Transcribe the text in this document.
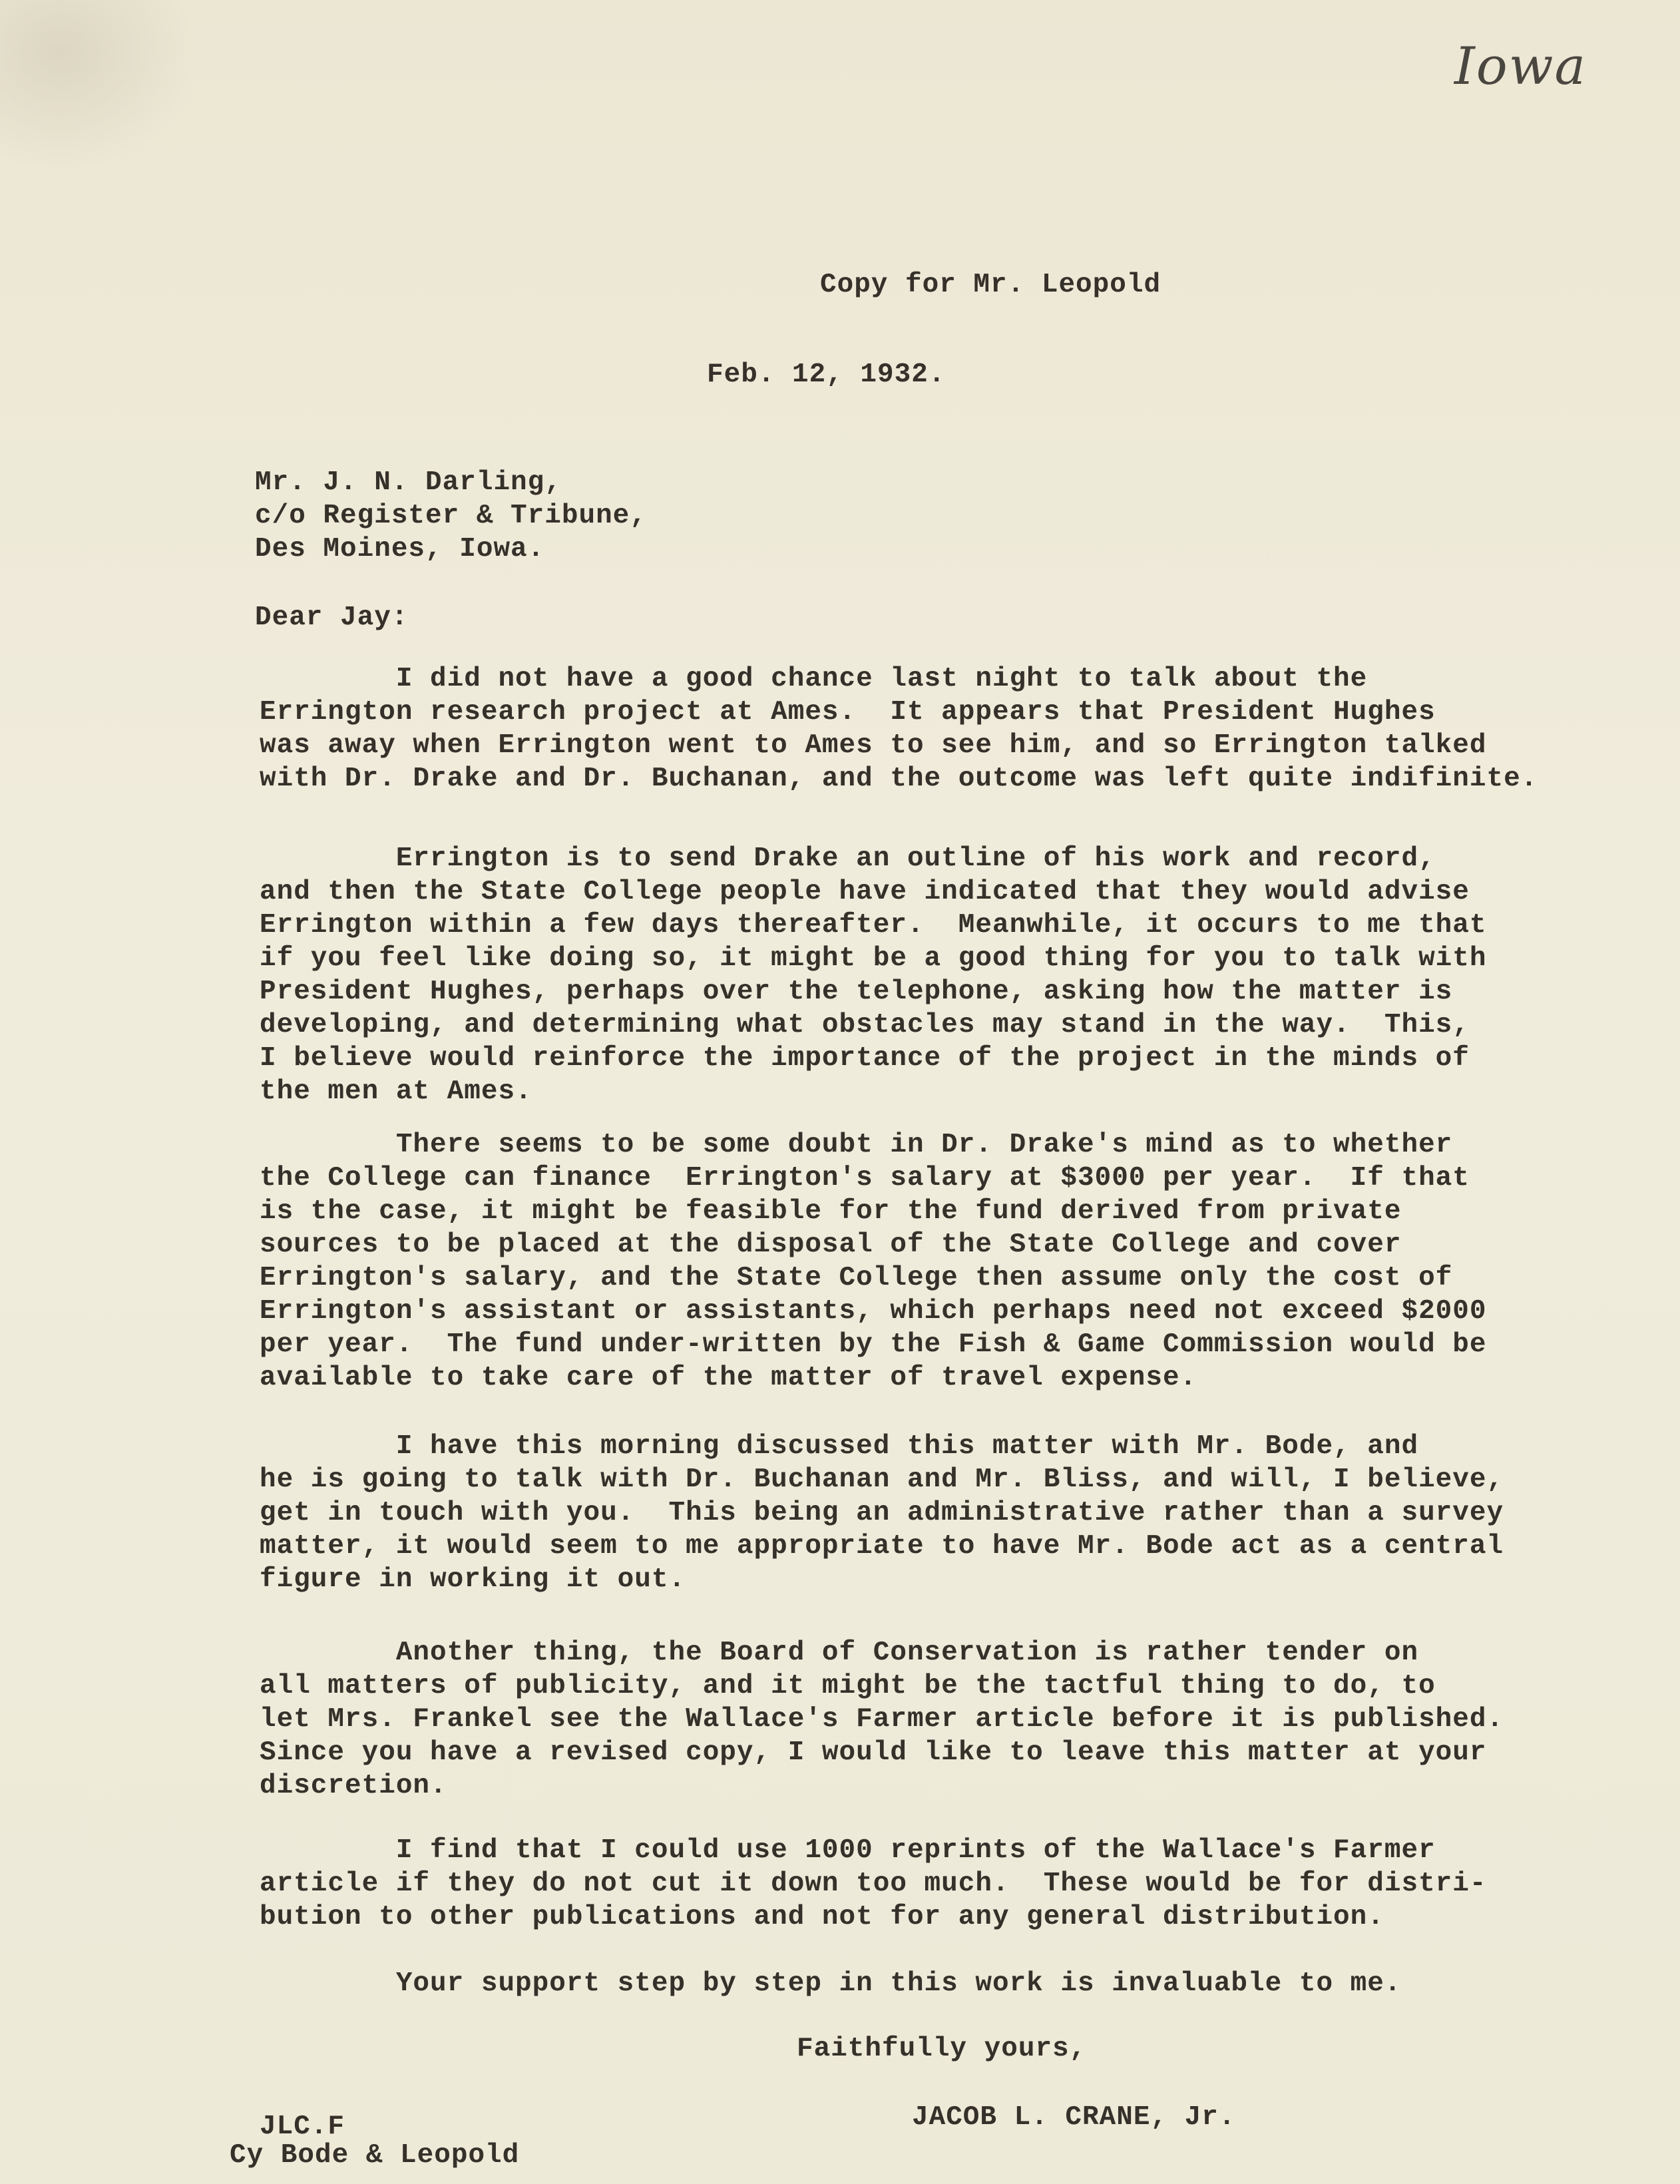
Iowa
Copy for Mr. Leopold
Feb. 12, 1932.
Mr. J. N. Darling,
c/o Register & Tribune,
Des Moines, Iowa.
Dear Jay:
I did not have a good chance last night to talk about the
Errington research project at Ames.  It appears that President Hughes
was away when Errington went to Ames to see him, and so Errington talked
with Dr. Drake and Dr. Buchanan, and the outcome was left quite indifinite.
Errington is to send Drake an outline of his work and record,
and then the State College people have indicated that they would advise
Errington within a few days thereafter.  Meanwhile, it occurs to me that
if you feel like doing so, it might be a good thing for you to talk with
President Hughes, perhaps over the telephone, asking how the matter is
developing, and determining what obstacles may stand in the way.  This,
I believe would reinforce the importance of the project in the minds of
the men at Ames.
There seems to be some doubt in Dr. Drake's mind as to whether
the College can finance  Errington's salary at $3000 per year.  If that
is the case, it might be feasible for the fund derived from private
sources to be placed at the disposal of the State College and cover
Errington's salary, and the State College then assume only the cost of
Errington's assistant or assistants, which perhaps need not exceed $2000
per year.  The fund under-written by the Fish & Game Commission would be
available to take care of the matter of travel expense.
I have this morning discussed this matter with Mr. Bode, and
he is going to talk with Dr. Buchanan and Mr. Bliss, and will, I believe,
get in touch with you.  This being an administrative rather than a survey
matter, it would seem to me appropriate to have Mr. Bode act as a central
figure in working it out.
Another thing, the Board of Conservation is rather tender on
all matters of publicity, and it might be the tactful thing to do, to
let Mrs. Frankel see the Wallace's Farmer article before it is published.
Since you have a revised copy, I would like to leave this matter at your
discretion.
I find that I could use 1000 reprints of the Wallace's Farmer
article if they do not cut it down too much.  These would be for distri-
bution to other publications and not for any general distribution.
Your support step by step in this work is invaluable to me.
Faithfully yours,
JACOB L. CRANE, Jr.
JLC.F
Cy Bode & Leopold
